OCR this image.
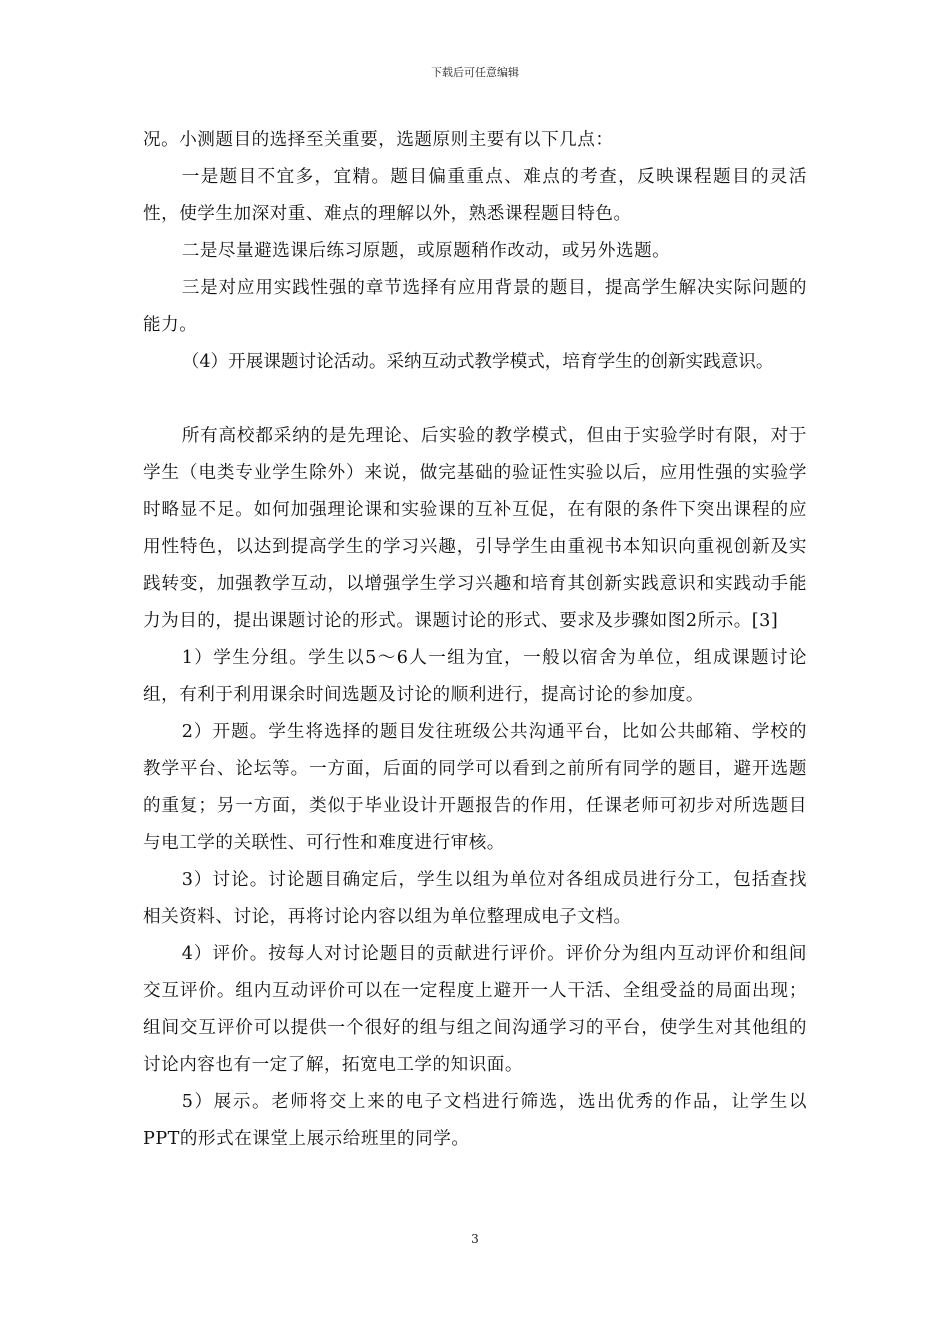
下载后可任意编辑

况。小测题目的选择至关重要，选题原则主要有以下几点：

一是题目不宜多，宜精。题目偏重重点、难点的考查，反映课程题目的灵活性，使学生加深对重、难点的理解以外，熟悉课程题目特色。

二是尽量避选课后练习原题，或原题稍作改动，或另外选题。

三是对应用实践性强的章节选择有应用背景的题目，提高学生解决实际问题的能力。

（4）开展课题讨论活动。采纳互动式教学模式，培育学生的创新实践意识。

所有高校都采纳的是先理论、后实验的教学模式，但由于实验学时有限，对于学生（电类专业学生除外）来说，做完基础的验证性实验以后，应用性强的实验学时略显不足。如何加强理论课和实验课的互补互促，在有限的条件下突出课程的应用性特色，以达到提高学生的学习兴趣，引导学生由重视书本知识向重视创新及实践转变，加强教学互动，以增强学生学习兴趣和培育其创新实践意识和实践动手能力为目的，提出课题讨论的形式。课题讨论的形式、要求及步骤如图2所示。[3]

1）学生分组。学生以5～6人一组为宜，一般以宿舍为单位，组成课题讨论组，有利于利用课余时间选题及讨论的顺利进行，提高讨论的参加度。

2）开题。学生将选择的题目发往班级公共沟通平台，比如公共邮箱、学校的教学平台、论坛等。一方面，后面的同学可以看到之前所有同学的题目，避开选题的重复；另一方面，类似于毕业设计开题报告的作用，任课老师可初步对所选题目与电工学的关联性、可行性和难度进行审核。

3）讨论。讨论题目确定后，学生以组为单位对各组成员进行分工，包括查找相关资料、讨论，再将讨论内容以组为单位整理成电子文档。

4）评价。按每人对讨论题目的贡献进行评价。评价分为组内互动评价和组间交互评价。组内互动评价可以在一定程度上避开一人干活、全组受益的局面出现；组间交互评价可以提供一个很好的组与组之间沟通学习的平台，使学生对其他组的讨论内容也有一定了解，拓宽电工学的知识面。

5）展示。老师将交上来的电子文档进行筛选，选出优秀的作品，让学生以PPT的形式在课堂上展示给班里的同学。

3
